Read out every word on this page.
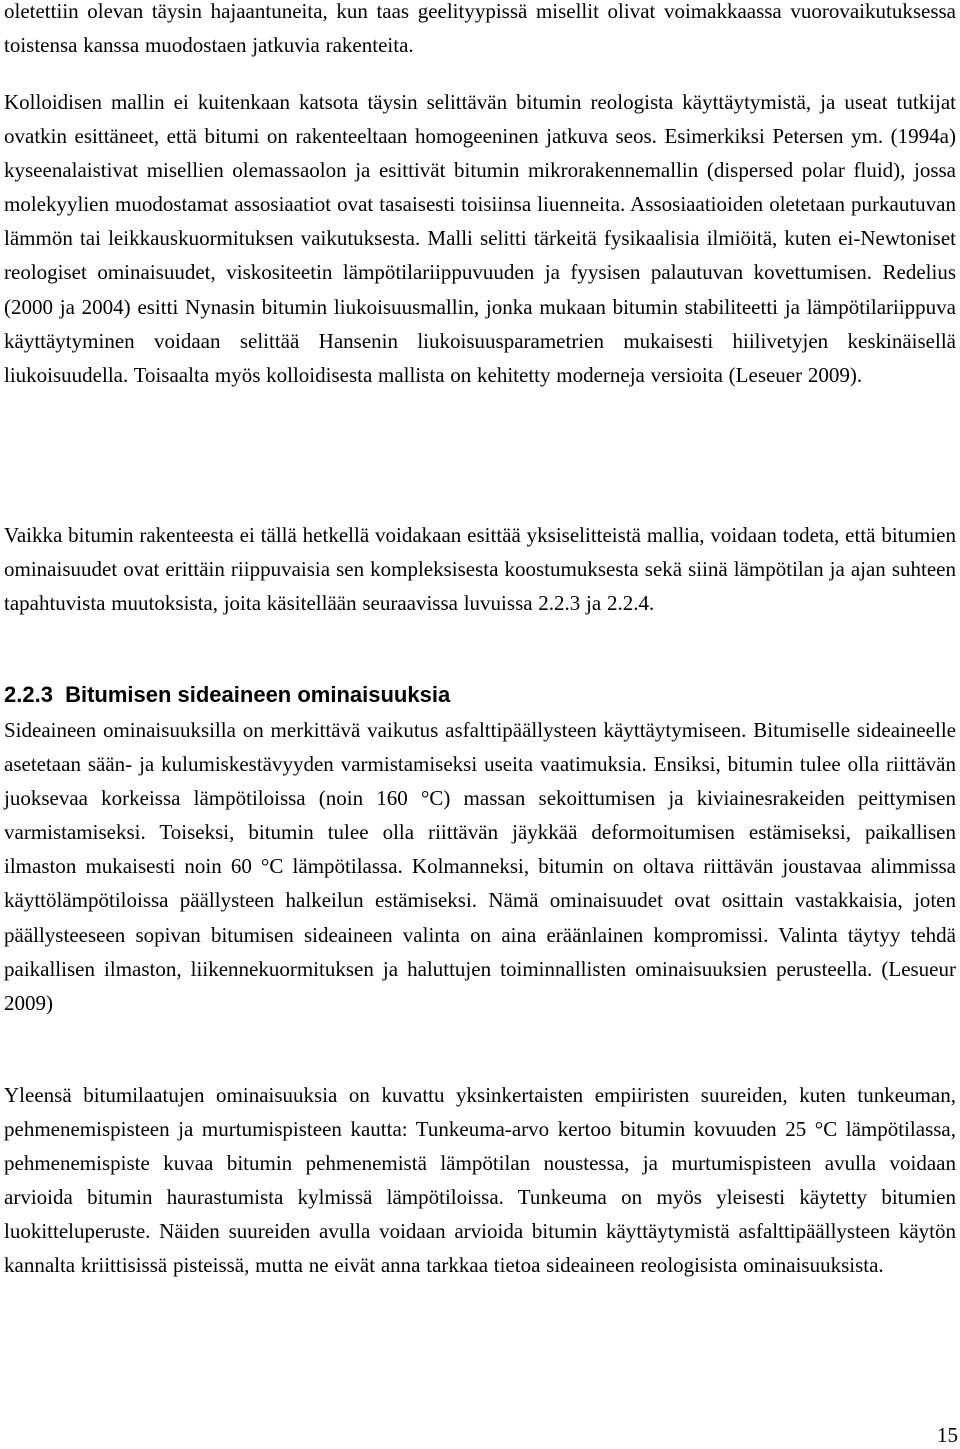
oletettiin olevan täysin hajaantuneita, kun taas geelityypissä misellit olivat voimakkaassa vuorovaikutuksessa toistensa kanssa muodostaen jatkuvia rakenteita.

Kolloidisen mallin ei kuitenkaan katsota täysin selittävän bitumin reologista käyttäytymistä, ja useat tutkijat ovatkin esittäneet, että bitumi on rakenteeltaan homogeeninen jatkuva seos. Esimerkiksi Petersen ym. (1994a) kyseenalaistivat misellien olemassaolon ja esittivät bitumin mikrorakennemallin (dispersed polar fluid), jossa molekyylien muodostamat assosiaatiot ovat tasaisesti toisiinsa liuenneita. Assosiaatioiden oletetaan purkautuvan lämmön tai leikkauskuormituksen vaikutuksesta. Malli selitti tärkeitä fysikaalisia ilmiöitä, kuten ei-Newtoniset reologiset ominaisuudet, viskositeetin lämpötilariippuvuuden ja fyysisen palautuvan kovettumisen. Redelius (2000 ja 2004) esitti Nynasin bitumin liukoisuusmallin, jonka mukaan bitumin stabiliteetti ja lämpötilariippuva käyttäytyminen voidaan selittää Hansenin liukoisuusparametrien mukaisesti hiilivetyjen keskinäisellä liukoisuudella. Toisaalta myös kolloidisesta mallista on kehitetty moderneja versioita (Leseuer 2009).

Vaikka bitumin rakenteesta ei tällä hetkellä voidakaan esittää yksiselitteistä mallia, voidaan todeta, että bitumien ominaisuudet ovat erittäin riippuvaisia sen kompleksisesta koostumuksesta sekä siinä lämpötilan ja ajan suhteen tapahtuvista muutoksista, joita käsitellään seuraavissa luvuissa 2.2.3 ja 2.2.4.

2.2.3 Bitumisen sideaineen ominaisuuksia

Sideaineen ominaisuuksilla on merkittävä vaikutus asfalttipäällysteen käyttäytymiseen. Bitumiselle sideaineelle asetetaan sään- ja kulumiskestävyyden varmistamiseksi useita vaatimuksia. Ensiksi, bitumin tulee olla riittävän juoksevaa korkeissa lämpötiloissa (noin 160 °C) massan sekoittumisen ja kiviainesrakeiden peittymisen varmistamiseksi. Toiseksi, bitumin tulee olla riittävän jäykkää deformoitumisen estämiseksi, paikallisen ilmaston mukaisesti noin 60 °C lämpötilassa. Kolmanneksi, bitumin on oltava riittävän joustavaa alimmissa käyttölämpötiloissa päällysteen halkeilun estämiseksi. Nämä ominaisuudet ovat osittain vastakkaisia, joten päällysteeseen sopivan bitumisen sideaineen valinta on aina eräänlainen kompromissi. Valinta täytyy tehdä paikallisen ilmaston, liikennekuormituksen ja haluttujen toiminnallisten ominaisuuksien perusteella. (Lesueur 2009)

Yleensä bitumilaatujen ominaisuuksia on kuvattu yksinkertaisten empiiristen suureiden, kuten tunkeuman, pehmenemispisteen ja murtumispisteen kautta: Tunkeuma-arvo kertoo bitumin kovuuden 25 °C lämpötilassa, pehmenemispiste kuvaa bitumin pehmenemistä lämpötilan noustessa, ja murtumispisteen avulla voidaan arvioida bitumin haurastumista kylmissä lämpötiloissa. Tunkeuma on myös yleisesti käytetty bitumien luokitteluperuste. Näiden suureiden avulla voidaan arvioida bitumin käyttäytymistä asfalttipäällysteen käytön kannalta kriittisissä pisteissä, mutta ne eivät anna tarkkaa tietoa sideaineen reologisista ominaisuuksista.

15
